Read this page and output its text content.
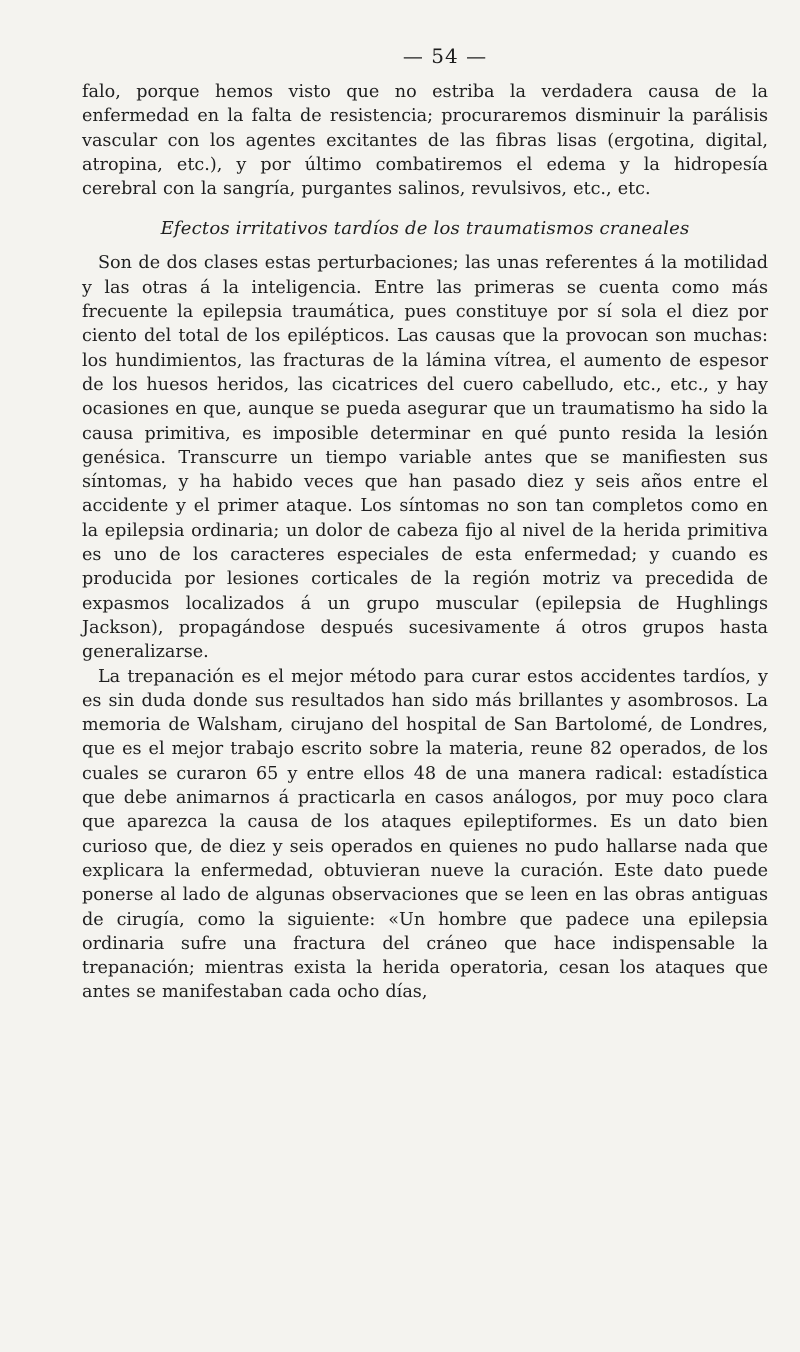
— 54 —

falo, porque hemos visto que no estriba la verdadera causa de la enfermedad en la falta de resistencia; procuraremos disminuir la parálisis vascular con los agentes excitantes de las fibras lisas (ergotina, digital, atropina, etc.), y por último combatiremos el edema y la hidropesía cerebral con la sangría, purgantes salinos, revulsivos, etc., etc.

Efectos irritativos tardíos de los traumatismos craneales

Son de dos clases estas perturbaciones; las unas referentes á la motilidad y las otras á la inteligencia. Entre las primeras se cuenta como más frecuente la epilepsia traumática, pues constituye por sí sola el diez por ciento del total de los epilépticos. Las causas que la provocan son muchas: los hundimientos, las fracturas de la lámina vítrea, el aumento de espesor de los huesos heridos, las cicatrices del cuero cabelludo, etc., etc., y hay ocasiones en que, aunque se pueda asegurar que un traumatismo ha sido la causa primitiva, es imposible determinar en qué punto resida la lesión genésica. Transcurre un tiempo variable antes que se manifiesten sus síntomas, y ha habido veces que han pasado diez y seis años entre el accidente y el primer ataque. Los síntomas no son tan completos como en la epilepsia ordinaria; un dolor de cabeza fijo al nivel de la herida primitiva es uno de los caracteres especiales de esta enfermedad; y cuando es producida por lesiones corticales de la región motriz va precedida de expasmos localizados á un grupo muscular (epilepsia de Hughlings Jackson), propagándose después sucesivamente á otros grupos hasta generalizarse.

La trepanación es el mejor método para curar estos accidentes tardíos, y es sin duda donde sus resultados han sido más brillantes y asombrosos. La memoria de Walsham, cirujano del hospital de San Bartolomé, de Londres, que es el mejor trabajo escrito sobre la materia, reune 82 operados, de los cuales se curaron 65 y entre ellos 48 de una manera radical: estadística que debe animarnos á practicarla en casos análogos, por muy poco clara que aparezca la causa de los ataques epileptiformes. Es un dato bien curioso que, de diez y seis operados en quienes no pudo hallarse nada que explicara la enfermedad, obtuvieran nueve la curación. Este dato puede ponerse al lado de algunas observaciones que se leen en las obras antiguas de cirugía, como la siguiente: «Un hombre que padece una epilepsia ordinaria sufre una fractura del cráneo que hace indispensable la trepanación; mientras exista la herida operatoria, cesan los ataques que antes se manifestaban cada ocho días,
